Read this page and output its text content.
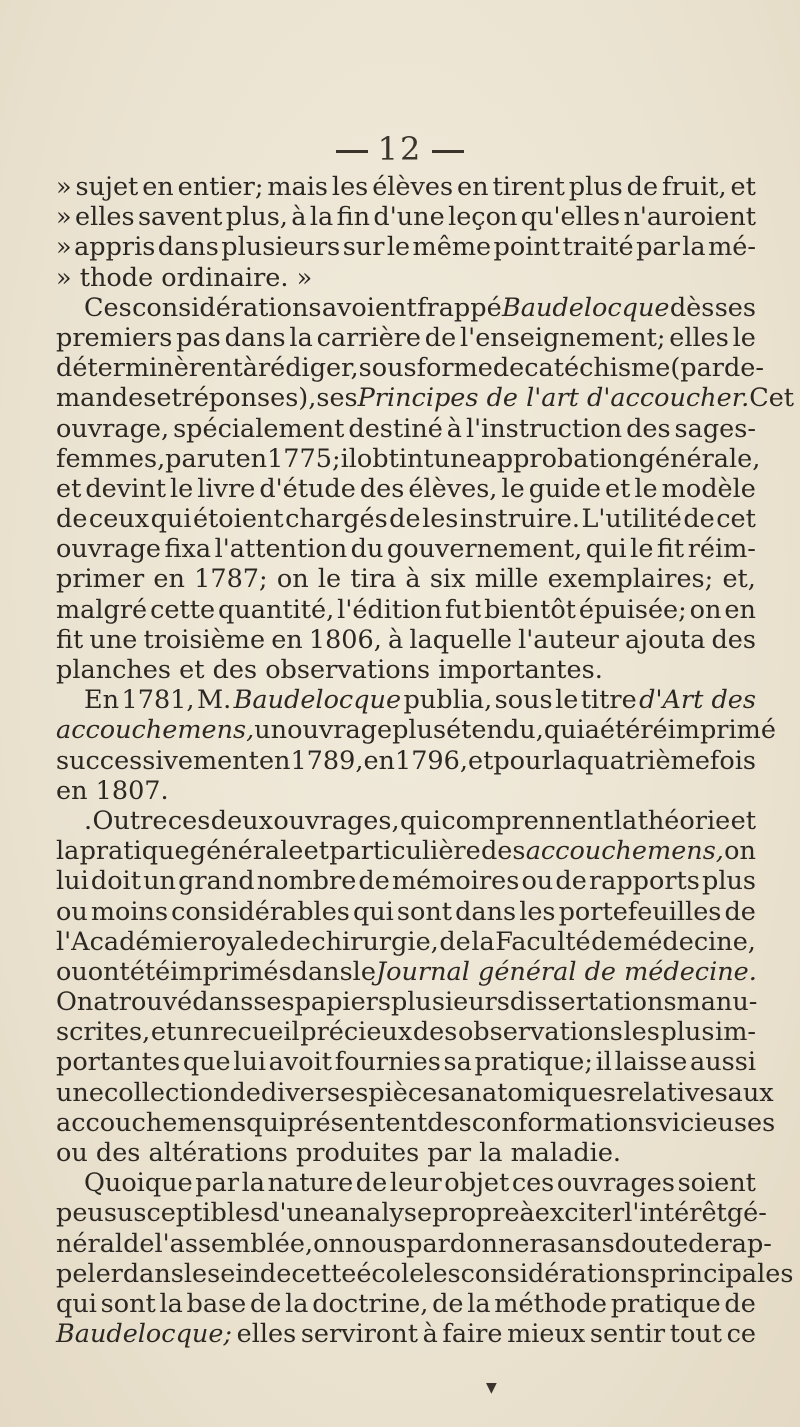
12
» sujet en entier; mais les élèves en tirent plus de fruit, et
» elles savent plus, à la fin d'une leçon qu'elles n'auroient
» appris dans plusieurs sur le même point traité par la mé-
» thode ordinaire. »
Ces considérations avoient frappé Baudelocque dès ses
premiers pas dans la carrière de l'enseignement; elles le
déterminèrent à rédiger, sous forme de catéchisme (par de-
mandes et réponses), ses Principes de l'art d'accoucher. Cet
ouvrage, spécialement destiné à l'instruction des sages-
femmes, parut en 1775; il obtint une approbation générale,
et devint le livre d'étude des élèves, le guide et le modèle
de ceux qui étoient chargés de les instruire. L'utilité de cet
ouvrage fixa l'attention du gouvernement, qui le fit réim-
primer en 1787; on le tira à six mille exemplaires; et,
malgré cette quantité, l'édition fut bientôt épuisée; on en
fit une troisième en 1806, à laquelle l'auteur ajouta des
planches et des observations importantes.
En 1781, M. Baudelocque publia, sous le titre d'Art des
accouchemens, un ouvrage plus étendu, qui a été réimprimé
successivement en 1789, en 1796, et pour la quatrième fois
en 1807.
. Outre ces deux ouvrages, qui comprennent la théorie et
la pratique générale et particulière des accouchemens, on
lui doit un grand nombre de mémoires ou de rapports plus
ou moins considérables qui sont dans les portefeuilles de
l'Académie royale de chirurgie, de la Faculté de médecine,
ou ont été imprimés dans le Journal général de médecine.
On a trouvé dans ses papiers plusieurs dissertations manu-
scrites, et un recueil précieux des observations les plus im-
portantes que lui avoit fournies sa pratique; il laisse aussi
une collection de diverses pièces anatomiques relatives aux
accouchemens qui présentent des conformations vicieuses
ou des altérations produites par la maladie.
Quoique par la nature de leur objet ces ouvrages soient
peu susceptibles d'une analyse propre à exciter l'intérêt gé-
néral de l'assemblée, on nous pardonnera sans doute de rap-
peler dans le sein de cette école les considérations principales
qui sont la base de la doctrine, de la méthode pratique de
Baudelocque; elles serviront à faire mieux sentir tout ce
▼
